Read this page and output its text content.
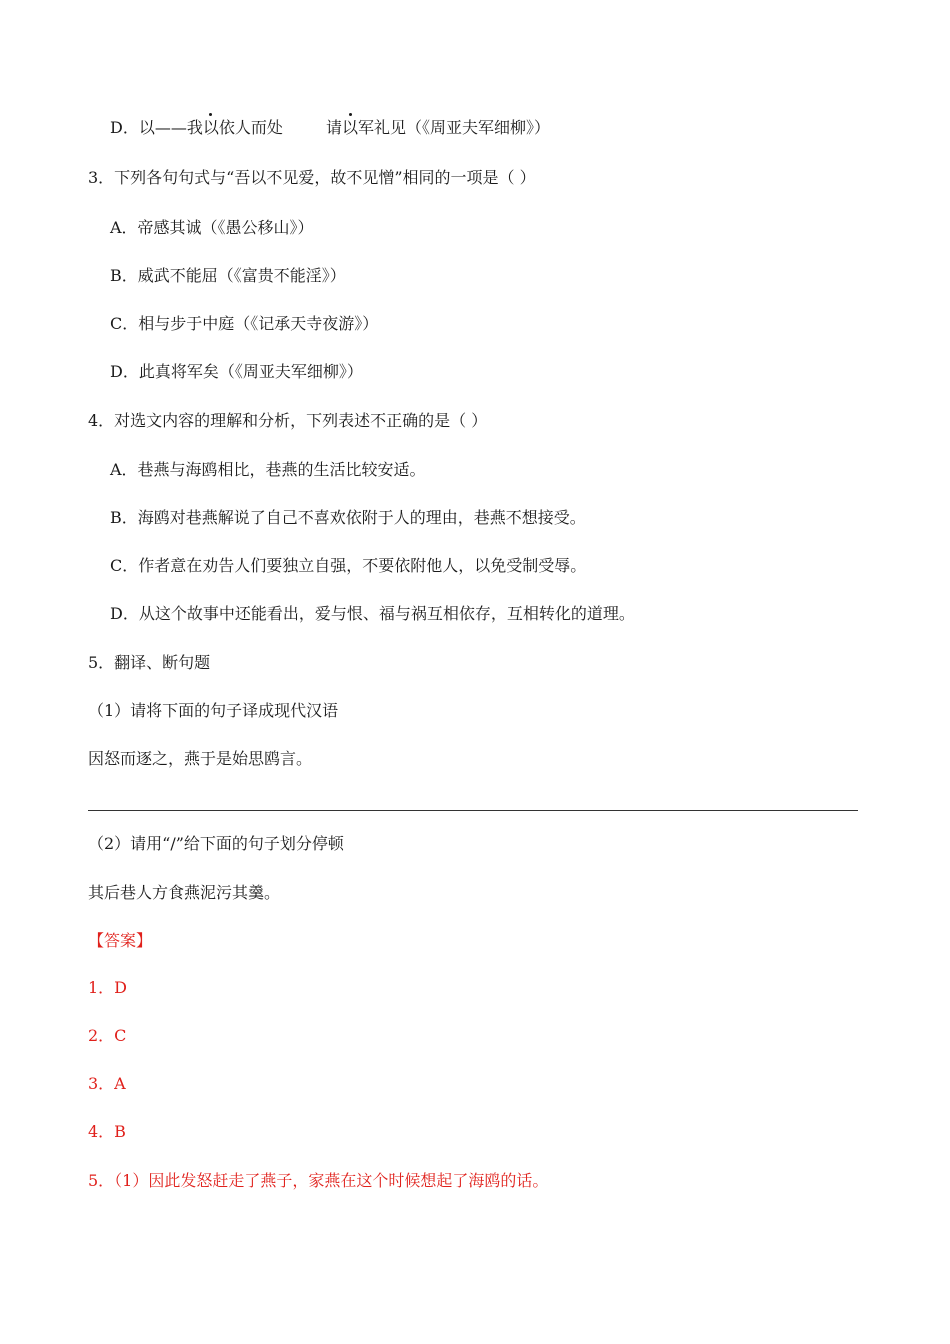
D．以——我以依人而处	请以军礼见（《周亚夫军细柳》）
3．下列各句句式与“吾以不见爱，故不见憎”相同的一项是（ ）
A．帝感其诚（《愚公移山》）
B．威武不能屈（《富贵不能淫》）
C．相与步于中庭（《记承天寺夜游》）
D．此真将军矣（《周亚夫军细柳》）
4．对选文内容的理解和分析，下列表述不正确的是（ ）
A．巷燕与海鸥相比，巷燕的生活比较安适。
B．海鸥对巷燕解说了自己不喜欢依附于人的理由，巷燕不想接受。
C．作者意在劝告人们要独立自强，不要依附他人，以免受制受辱。
D．从这个故事中还能看出，爱与恨、福与祸互相依存，互相转化的道理。
5．翻译、断句题
（1）请将下面的句子译成现代汉语
因怒而逐之，燕于是始思鸥言。
（2）请用“/”给下面的句子划分停顿
其后巷人方食燕泥污其羹。
【答案】
1．D
2．C
3．A
4．B
5．（1）因此发怒赶走了燕子，家燕在这个时候想起了海鸥的话。
